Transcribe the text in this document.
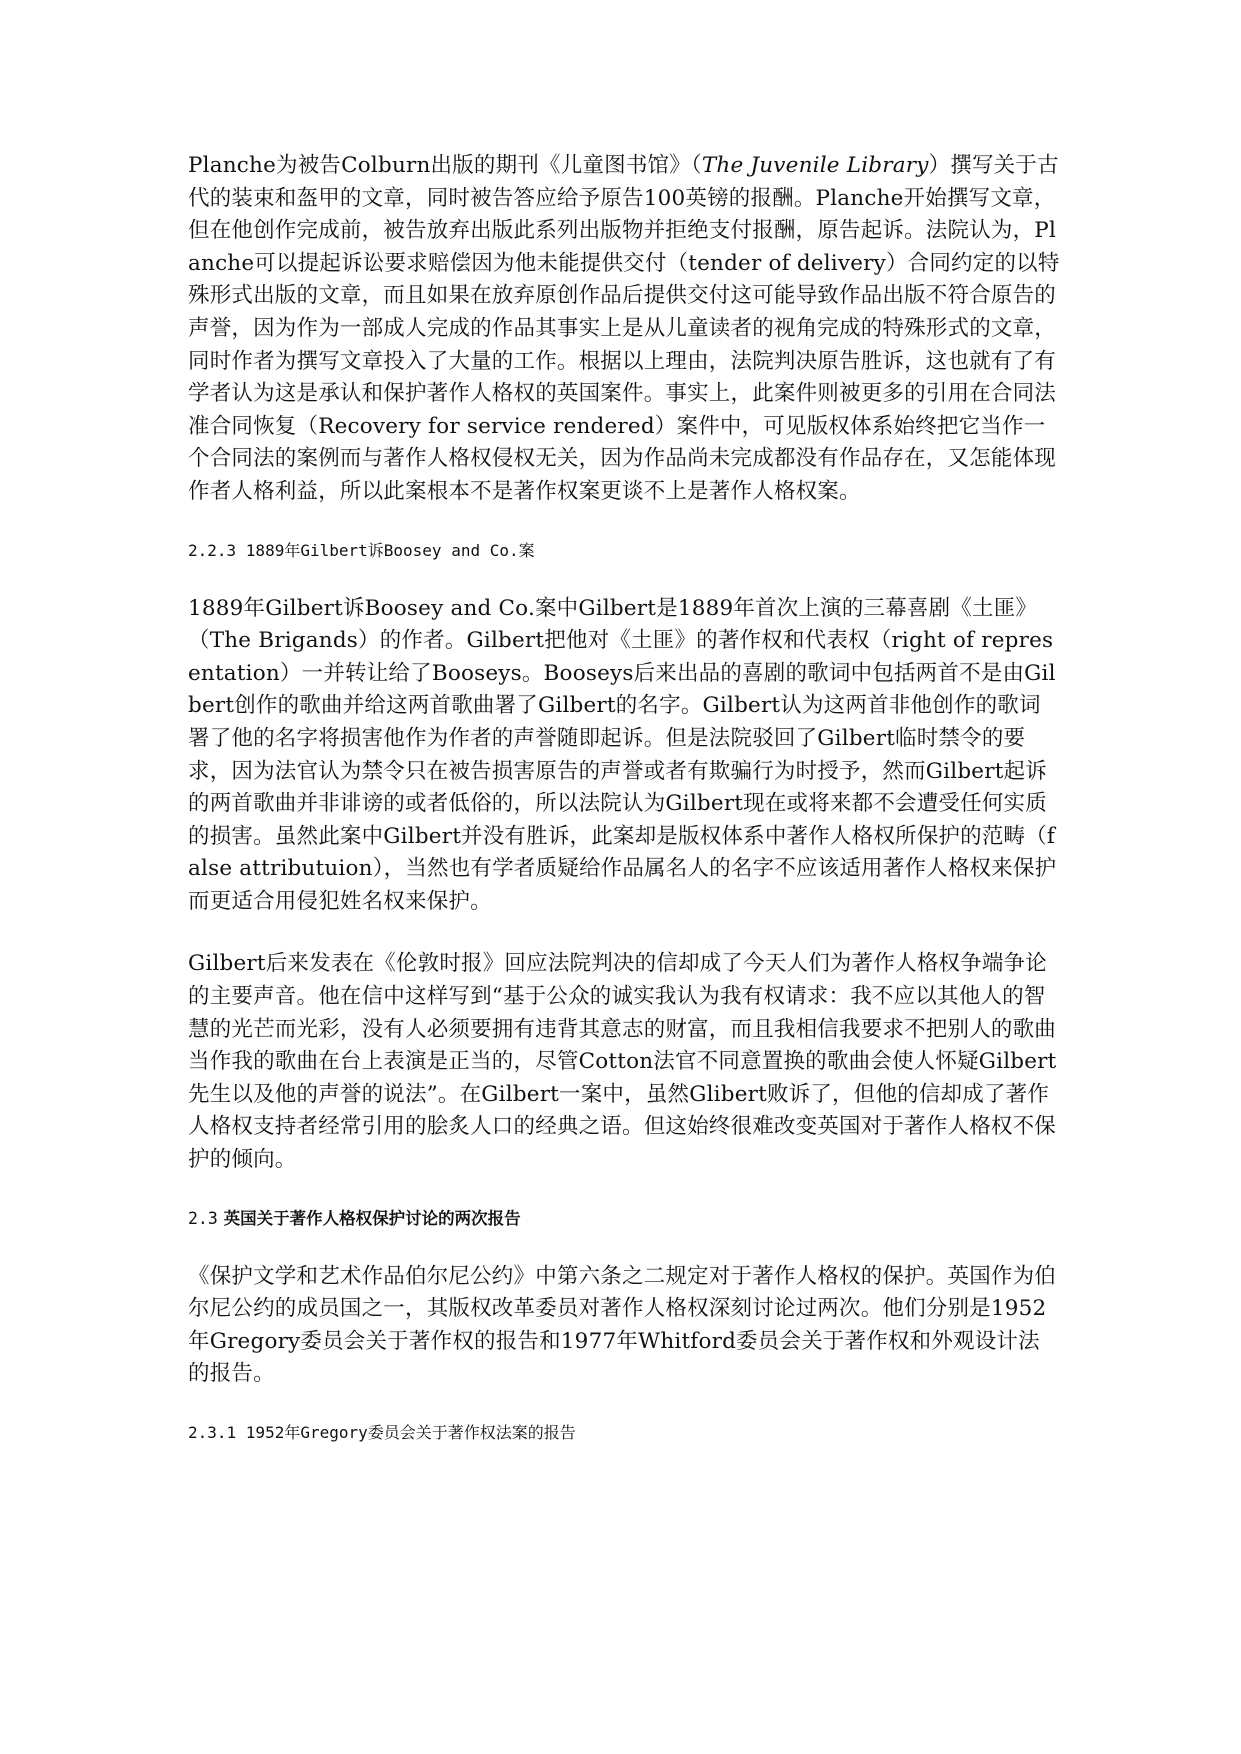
Planche为被告Colburn出版的期刊《儿童图书馆》（The Juvenile Library）撰写关于古代的装束和盔甲的文章，同时被告答应给予原告100英镑的报酬。Planche开始撰写文章，但在他创作完成前，被告放弃出版此系列出版物并拒绝支付报酬，原告起诉。法院认为，Planche可以提起诉讼要求赔偿因为他未能提供交付（tender of delivery）合同约定的以特殊形式出版的文章，而且如果在放弃原创作品后提供交付这可能导致作品出版不符合原告的声誉，因为作为一部成人完成的作品其事实上是从儿童读者的视角完成的特殊形式的文章，同时作者为撰写文章投入了大量的工作。根据以上理由，法院判决原告胜诉，这也就有了有学者认为这是承认和保护著作人格权的英国案件。事实上，此案件则被更多的引用在合同法准合同恢复（Recovery for service rendered）案件中，可见版权体系始终把它当作一个合同法的案例而与著作人格权侵权无关，因为作品尚未完成都没有作品存在，又怎能体现作者人格利益，所以此案根本不是著作权案更谈不上是著作人格权案。

2.2.3 1889年Gilbert诉Boosey and Co.案

1889年Gilbert诉Boosey and Co.案中Gilbert是1889年首次上演的三幕喜剧《土匪》（The Brigands）的作者。Gilbert把他对《土匪》的著作权和代表权（right of representation）一并转让给了Booseys。Booseys后来出品的喜剧的歌词中包括两首不是由Gilbert创作的歌曲并给这两首歌曲署了Gilbert的名字。Gilbert认为这两首非他创作的歌词署了他的名字将损害他作为作者的声誉随即起诉。但是法院驳回了Gilbert临时禁令的要求，因为法官认为禁令只在被告损害原告的声誉或者有欺骗行为时授予，然而Gilbert起诉的两首歌曲并非诽谤的或者低俗的，所以法院认为Gilbert现在或将来都不会遭受任何实质的损害。虽然此案中Gilbert并没有胜诉，此案却是版权体系中著作人格权所保护的范畴（false attributuion），当然也有学者质疑给作品属名人的名字不应该适用著作人格权来保护而更适合用侵犯姓名权来保护。

Gilbert后来发表在《伦敦时报》回应法院判决的信却成了今天人们为著作人格权争端争论的主要声音。他在信中这样写到“基于公众的诚实我认为我有权请求：我不应以其他人的智慧的光芒而光彩，没有人必须要拥有违背其意志的财富，而且我相信我要求不把别人的歌曲当作我的歌曲在台上表演是正当的，尽管Cotton法官不同意置换的歌曲会使人怀疑Gilbert先生以及他的声誉的说法”。在Gilbert一案中，虽然Glibert败诉了，但他的信却成了著作人格权支持者经常引用的脍炙人口的经典之语。但这始终很难改变英国对于著作人格权不保护的倾向。

2.3 英国关于著作人格权保护讨论的两次报告

《保护文学和艺术作品伯尔尼公约》中第六条之二规定对于著作人格权的保护。英国作为伯尔尼公约的成员国之一，其版权改革委员对著作人格权深刻讨论过两次。他们分别是1952年Gregory委员会关于著作权的报告和1977年Whitford委员会关于著作权和外观设计法的报告。

2.3.1 1952年Gregory委员会关于著作权法案的报告
